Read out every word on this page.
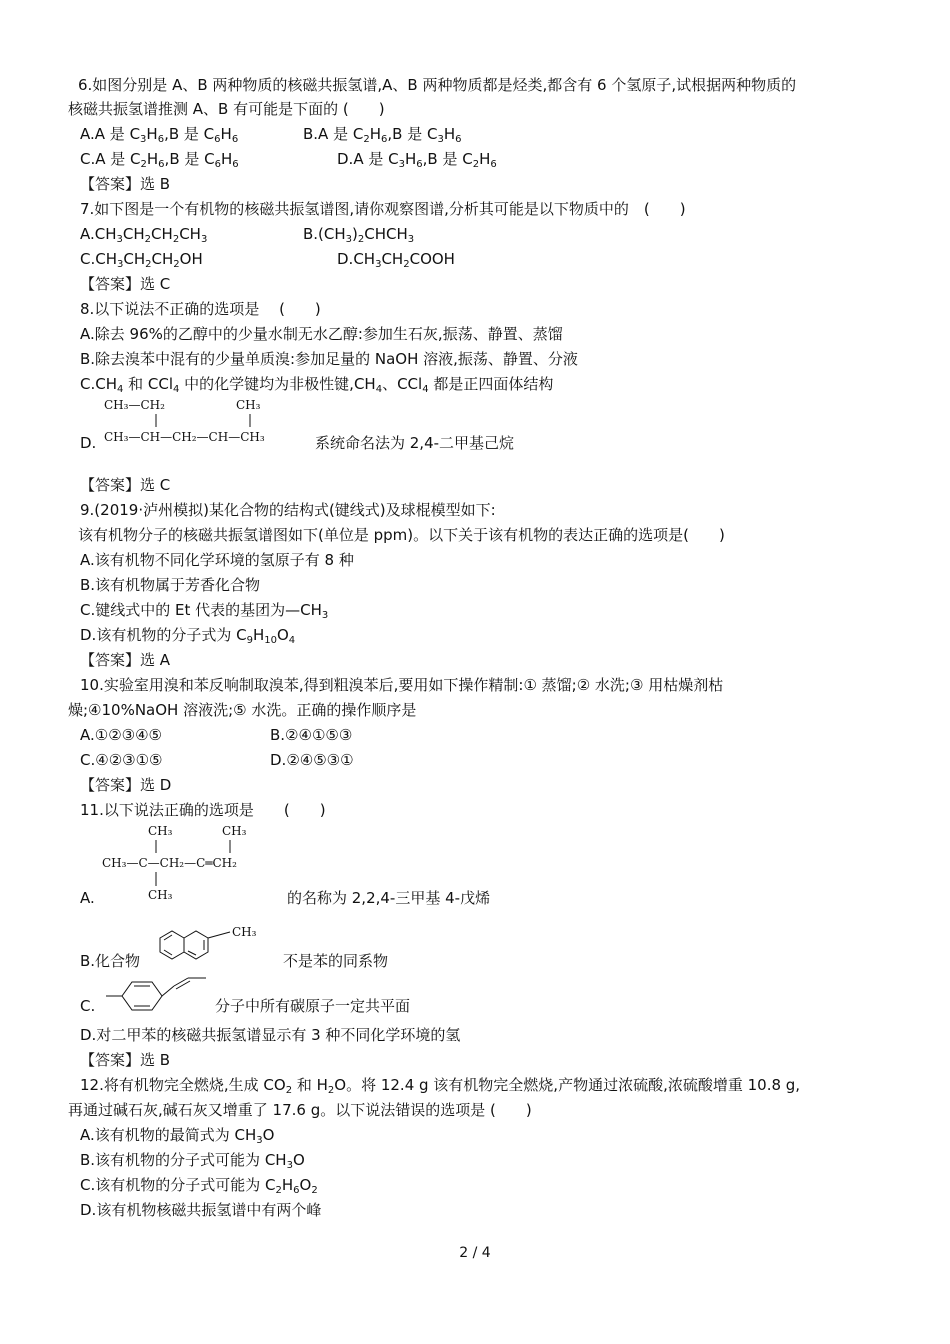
6.如图分别是 A、B 两种物质的核磁共振氢谱,A、B 两种物质都是烃类,都含有 6 个氢原子,试根据两种物质的
核磁共振氢谱推测 A、B 有可能是下面的 (　　)
A.A 是 $C_3H_6,B$ 是 $C_6H_6$	B.A 是 $C_2H_6,B$ 是 $C_3H_6$
C.A 是 $C_2H_6,B$ 是 $C_6H_6$	D.A 是 $C_3H_6,B$ 是 $C_2H_6$
【答案】选 B
7.如下图是一个有机物的核磁共振氢谱图,请你观察图谱,分析其可能是以下物质中的　(　　)
$A.CH_3CH_2CH_2CH_3$	$B.(CH_3)_2CHCH_3$
$C.CH_3CH_2CH_2OH$	$D.CH_3CH_2COOH$
【答案】选 C
8.以下说法不正确的选项是　 (　　)
A.除去 96%的乙醇中的少量水制无水乙醇:参加生石灰,振荡、静置、蒸馏
B.除去溴苯中混有的少量单质溴:参加足量的 NaOH 溶液,振荡、静置、分液
$C.CH_4$ 和 CCl$_4$ 中的化学键均为非极性键$,CH_4$、CCl$_4$ 都是正四面体结构
D.
CH₃—CH₂	CH₃
CH₃—CH—CH₂—CH—CH₃	系统命名法为 2,4-二甲基己烷
【答案】选 C
9.(2019·泸州模拟)某化合物的结构式(键线式)及球棍模型如下:
该有机物分子的核磁共振氢谱图如下(单位是 ppm)。以下关于该有机物的表达正确的选项是(　　)
A.该有机物不同化学环境的氢原子有 8 种
B.该有机物属于芳香化合物
C.键线式中的 Et 代表的基团为$—CH_3$
D.该有机物的分子式为 $C_9H_{10}O_4$
【答案】选 A
10.实验室用溴和苯反响制取溴苯,得到粗溴苯后,要用如下操作精制:① 蒸馏;② 水洗;③ 用枯燥剂枯
燥;④10%NaOH 溶液洗;⑤ 水洗。正确的操作顺序是
A.①②③④⑤	B.②④①⑤③
C.④②③①⑤	D.②④⑤③①
【答案】选 D
11.以下说法正确的选项是　　(　　)
CH₃	CH₃
CH₃—C—CH₂—C═CH₂
CH₃
A.	的名称为 2,2,4-三甲基 4-戊烯
B.化合物
CH₃
不是苯的同系物
C.	分子中所有碳原子一定共平面
D.对二甲苯的核磁共振氢谱显示有 3 种不同化学环境的氢
【答案】选 B
12.将有机物完全燃烧,生成 $CO_2$ 和 $H_2O$。将 12.4 g 该有机物完全燃烧,产物通过浓硫酸,浓硫酸增重 10.8 g,
再通过碱石灰,碱石灰又增重了 17.6 g。以下说法错误的选项是 (　　)
A.该有机物的最简式为 $CH_3O$
B.该有机物的分子式可能为 $CH_3O$
C.该有机物的分子式可能为 $C_2H_6O_2$
D.该有机物核磁共振氢谱中有两个峰
2 / 4
